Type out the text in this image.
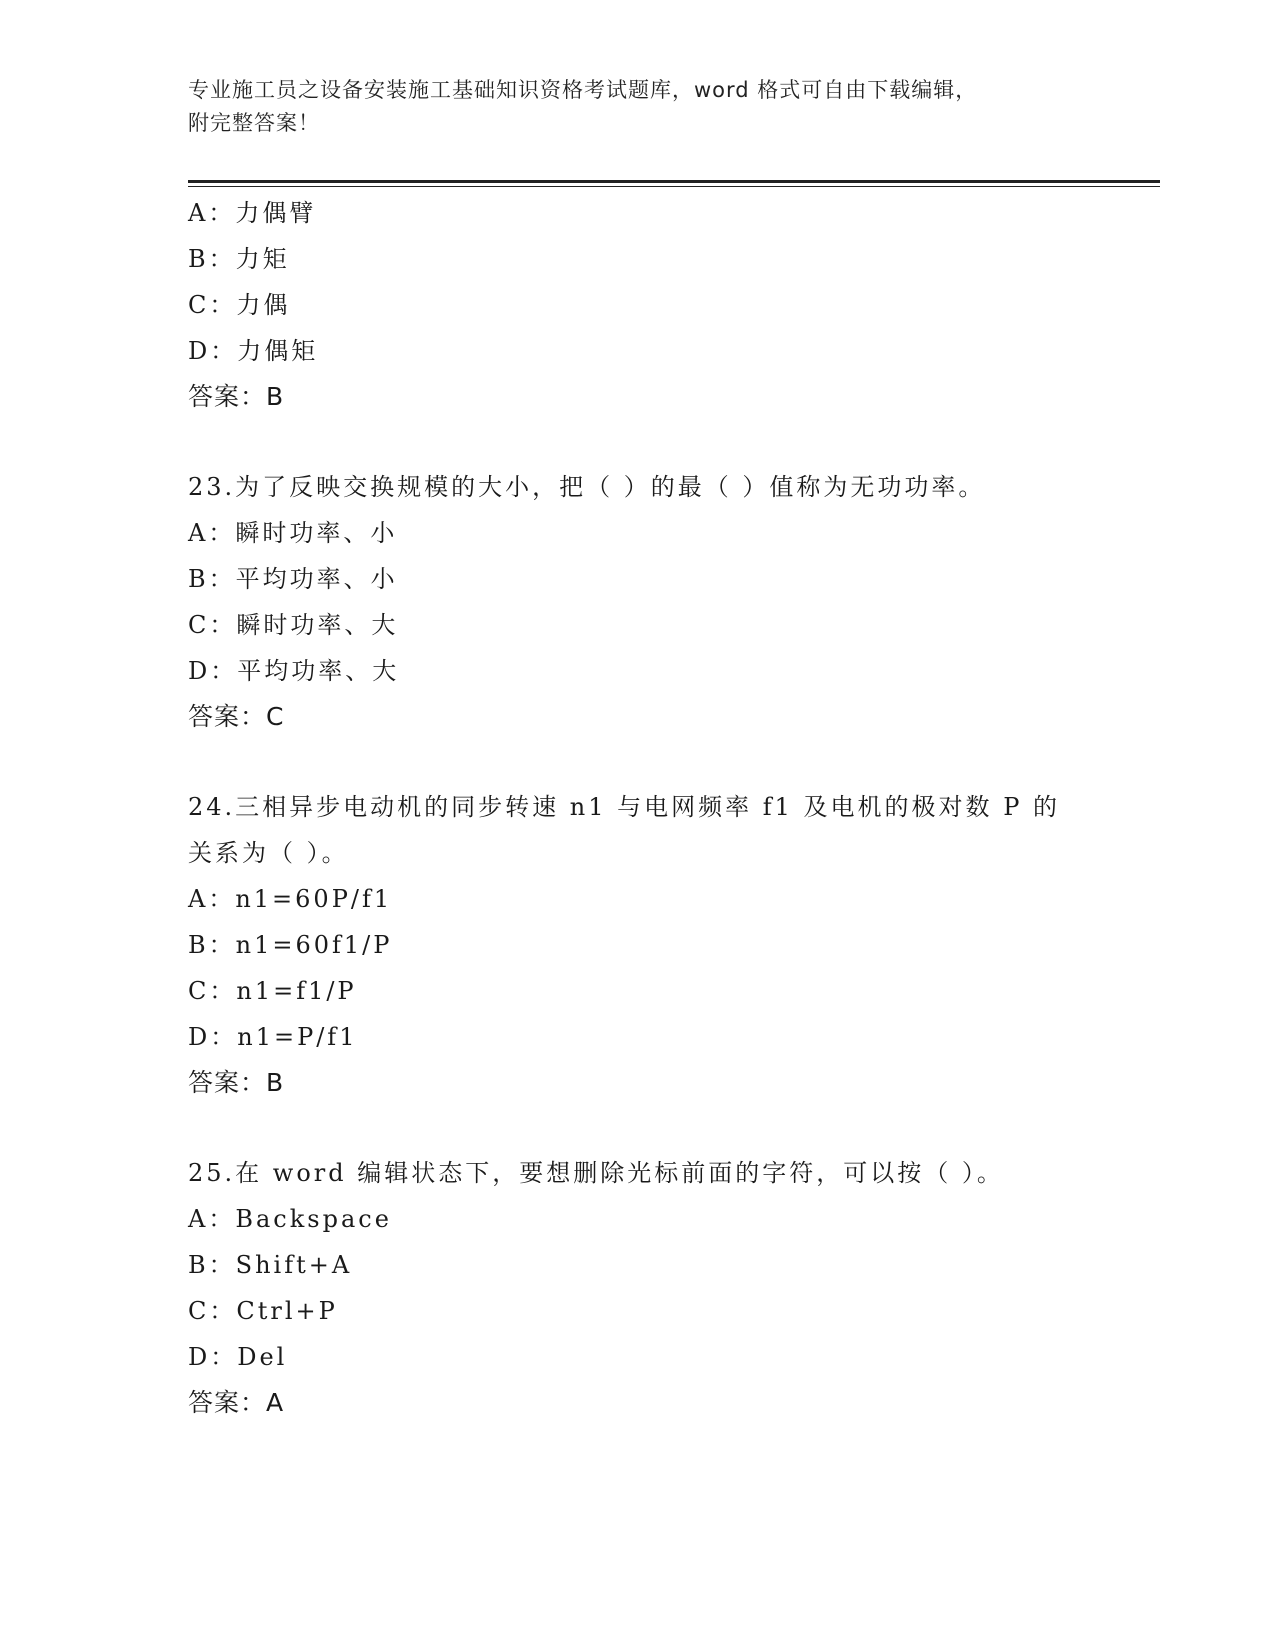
专业施工员之设备安装施工基础知识资格考试题库，word 格式可自由下载编辑，
附完整答案！
A：力偶臂
B：力矩
C：力偶
D：力偶矩
答案：B
23.为了反映交换规模的大小，把（ ）的最（ ）值称为无功功率。
A：瞬时功率、小
B：平均功率、小
C：瞬时功率、大
D：平均功率、大
答案：C
24.三相异步电动机的同步转速 n1 与电网频率 f1 及电机的极对数 P 的
关系为（ ）。
A：n1=60P/f1
B：n1=60f1/P
C：n1=f1/P
D：n1=P/f1
答案：B
25.在 word 编辑状态下，要想删除光标前面的字符，可以按（ ）。
A：Backspace
B：Shift+A
C：Ctrl+P
D：Del
答案：A
